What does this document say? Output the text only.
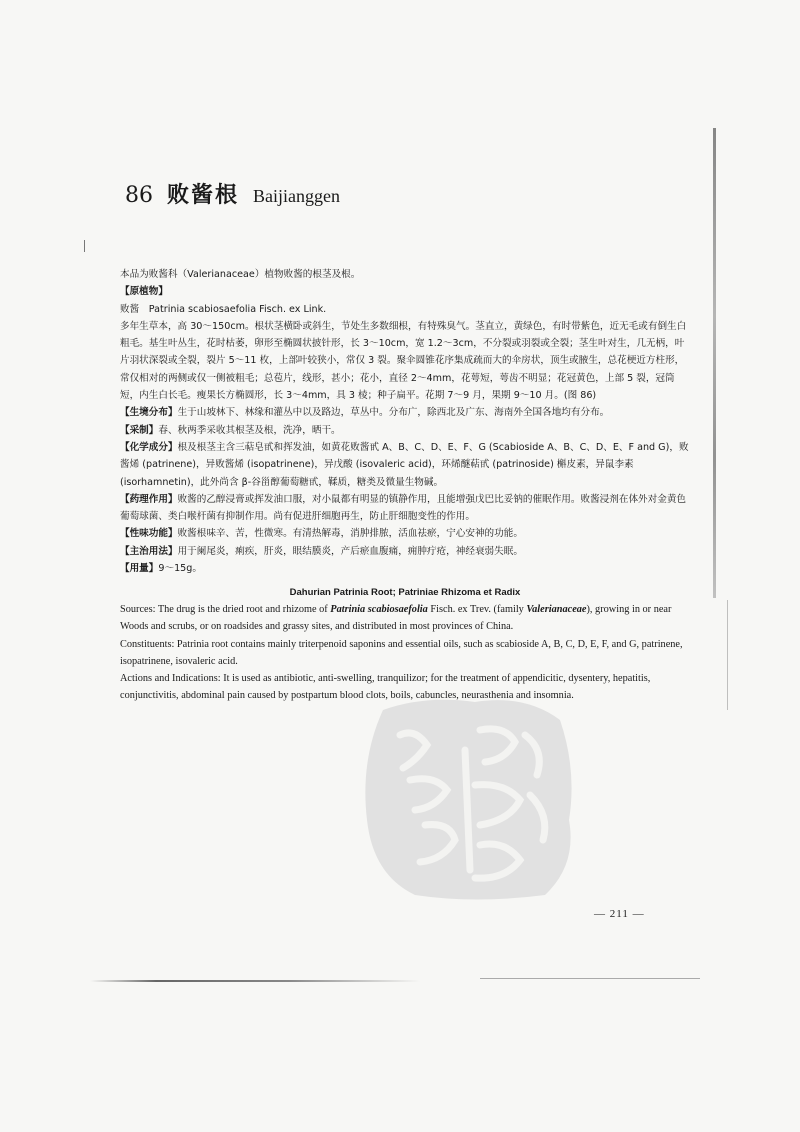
86 败酱根 Baijianggen

本品为败酱科（Valerianaceae）植物败酱的根茎及根。

【原植物】

败酱　Patrinia scabiosaefolia Fisch. ex Link.

多年生草本，高 30～150cm。根状茎横卧或斜生，节处生多数细根，有特殊臭气。茎直立，黄绿色，有时带紫色，近无毛或有倒生白粗毛。基生叶丛生，花时枯萎，卵形至椭圆状披针形，长 3～10cm，宽 1.2～3cm，不分裂或羽裂或全裂；茎生叶对生，几无柄，叶片羽状深裂或全裂，裂片 5～11 枚，上部叶较狭小，常仅 3 裂。聚伞圆锥花序集成疏而大的伞房状，顶生或腋生，总花梗近方柱形，常仅相对的两侧或仅一侧被粗毛；总苞片，线形，甚小；花小，直径 2～4mm，花萼短，萼齿不明显；花冠黄色，上部 5 裂，冠筒短，内生白长毛。瘦果长方椭圆形，长 3～4mm，具 3 棱；种子扁平。花期 7～9 月，果期 9～10 月。(图 86)

【生境分布】生于山坡林下、林缘和灌丛中以及路边，草丛中。分布广，除西北及广东、海南外全国各地均有分布。

【采制】春、秋两季采收其根茎及根，洗净，晒干。

【化学成分】根及根茎主含三萜皂甙和挥发油，如黄花败酱甙 A、B、C、D、E、F、G (Scabioside A、B、C、D、E、F and G)，败酱烯 (patrinene)，异败酱烯 (isopatrinene)，异戊酸 (isovaleric acid)，环烯醚萜甙 (patrinoside) 槲皮素，异鼠李素 (isorhamnetin)，此外尚含 β-谷甾醇葡萄糖甙，鞣质，糖类及微量生物碱。

【药理作用】败酱的乙醇浸膏或挥发油口服，对小鼠都有明显的镇静作用，且能增强戊巴比妥钠的催眠作用。败酱浸剂在体外对金黄色葡萄球菌、类白喉杆菌有抑制作用。尚有促进肝细胞再生，防止肝细胞变性的作用。

【性味功能】败酱根味辛、苦，性微寒。有清热解毒，消肿排脓，活血祛瘀，宁心安神的功能。

【主治用法】用于阑尾炎，痢疾，肝炎，眼结膜炎，产后瘀血腹痛，痈肿疔疮，神经衰弱失眠。

【用量】9～15g。

Dahurian Patrinia Root; Patriniae Rhizoma et Radix

Sources: The drug is the dried root and rhizome of Patrinia scabiosaefolia Fisch. ex Trev. (family Valerianaceae), growing in or near Woods and scrubs, or on roadsides and grassy sites, and distributed in most provinces of China.

Constituents: Patrinia root contains mainly triterpenoid saponins and essential oils, such as scabioside A, B, C, D, E, F, and G, patrinene, isopatrinene, isovaleric acid.

Actions and Indications: It is used as antibiotic, anti-swelling, tranquilizor; for the treatment of appendicitic, dysentery, hepatitis, conjunctivitis, abdominal pain caused by postpartum blood clots, boils, cabuncles, neurasthenia and insomnia.

— 211 —
